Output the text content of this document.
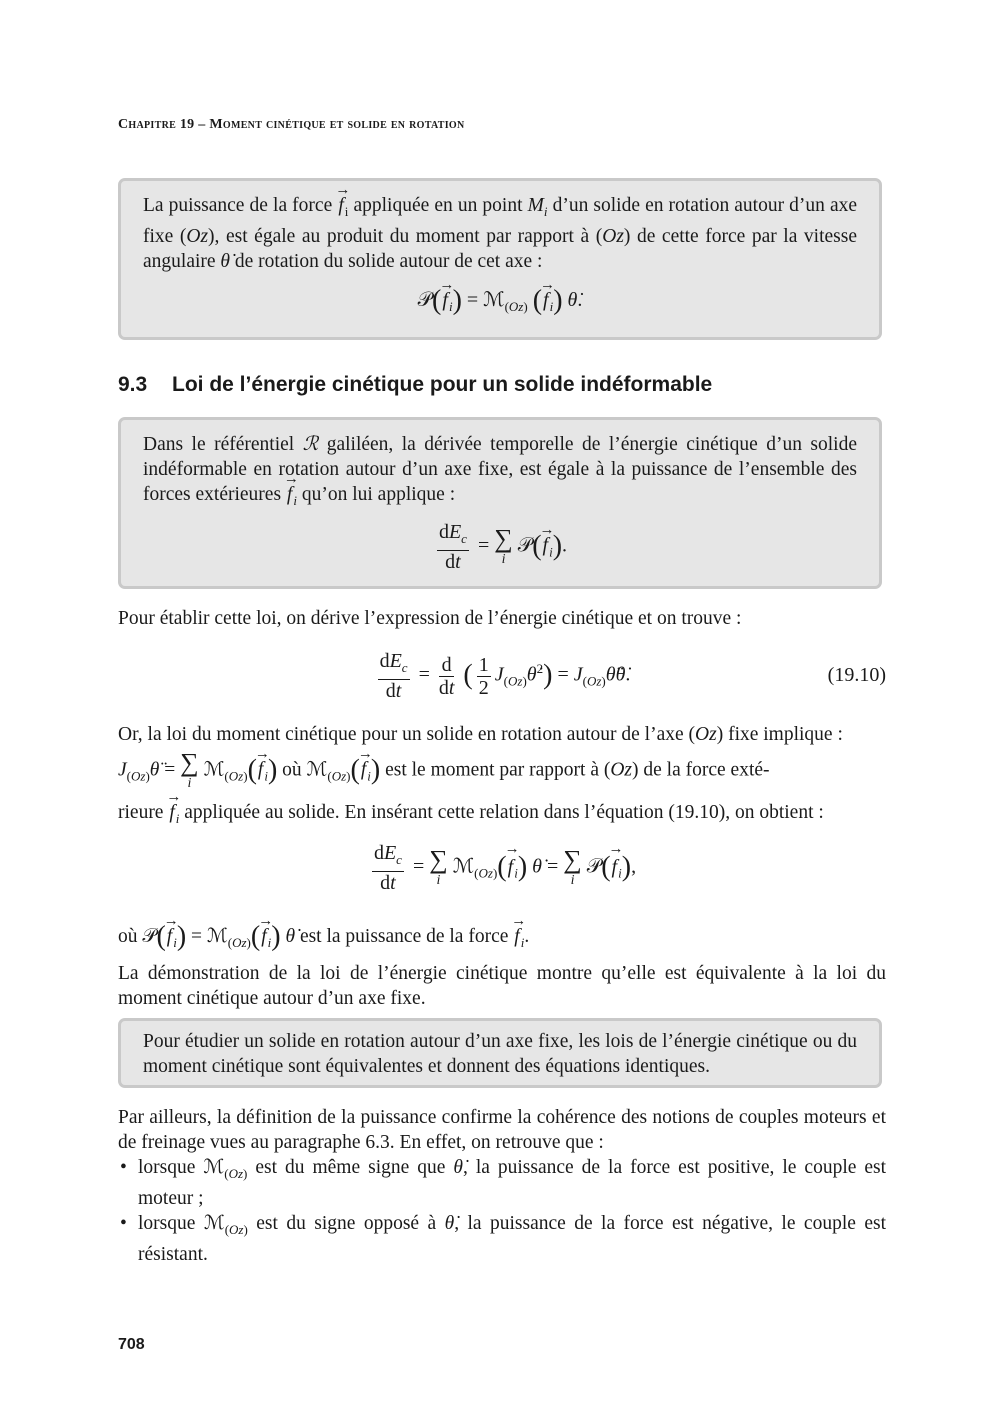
Chapitre 19 – Moment cinétique et solide en rotation
La puissance de la force → $f_i$ appliquée en un point $M_i$ d’un solide en rotation autour d’un axe fixe (Oz), est égale au produit du moment par rapport à (Oz) de cette force par la vitesse angulaire θ̇ de rotation du solide autour de cet axe :
𝒫(→ $f_i$) = ℳ$_{(Oz)}$ (→ $f_i$) θ̇.
9.3 Loi de l’énergie cinétique pour un solide indéformable
Dans le référentiel ℛ galiléen, la dérivée temporelle de l’énergie cinétique d’un solide indéformable en rotation autour d’un axe fixe, est égale à la puissance de l’ensemble des forces extérieures → $f_i$ qu’on lui applique :
$\frac{dE_c}{dt}$ = ∑
i
𝒫(→ $f_i$).
Pour établir cette loi, on dérive l’expression de l’énergie cinétique et on trouve :
$\frac{dE_c}{dt} = \frac{d}{dt}$ ( $\frac{1}{2}$ $J_{(Oz)}\thetȧ^2$) = $J_{(Oz)}\thetä\thetȧ$.	(19.10)
Or, la loi du moment cinétique pour un solide en rotation autour de l’axe (Oz) fixe implique :
$J_{(Oz)}\thetä$ = ∑
i
ℳ$_{(Oz)}$(→ $f_i$) où ℳ$_{(Oz)}$(→ $f_i$) est le moment par rapport à (Oz) de la force exté-
rieure → $f_i$ appliquée au solide. En insérant cette relation dans l’équation (19.10), on obtient :
$\frac{dE_c}{dt}$ = ∑
i
ℳ$_{(Oz)}$(→ $f_i$) θ̇ = ∑
i
𝒫(→ $f_i$),
où 𝒫(→ $f_i$) = ℳ$_{(Oz)}$(→ $f_i$) θ̇ est la puissance de la force → $f_i$.
La démonstration de la loi de l’énergie cinétique montre qu’elle est équivalente à la loi du moment cinétique autour d’un axe fixe.
Pour étudier un solide en rotation autour d’un axe fixe, les lois de l’énergie cinétique ou du moment cinétique sont équivalentes et donnent des équations identiques.
Par ailleurs, la définition de la puissance confirme la cohérence des notions de couples moteurs et de freinage vues au paragraphe 6.3. En effet, on retrouve que :
• lorsque ℳ$_{(Oz)}$ est du même signe que θ̇, la puissance de la force est positive, le couple est moteur ;
• lorsque ℳ$_{(Oz)}$ est du signe opposé à θ̇, la puissance de la force est négative, le couple est résistant.
708
